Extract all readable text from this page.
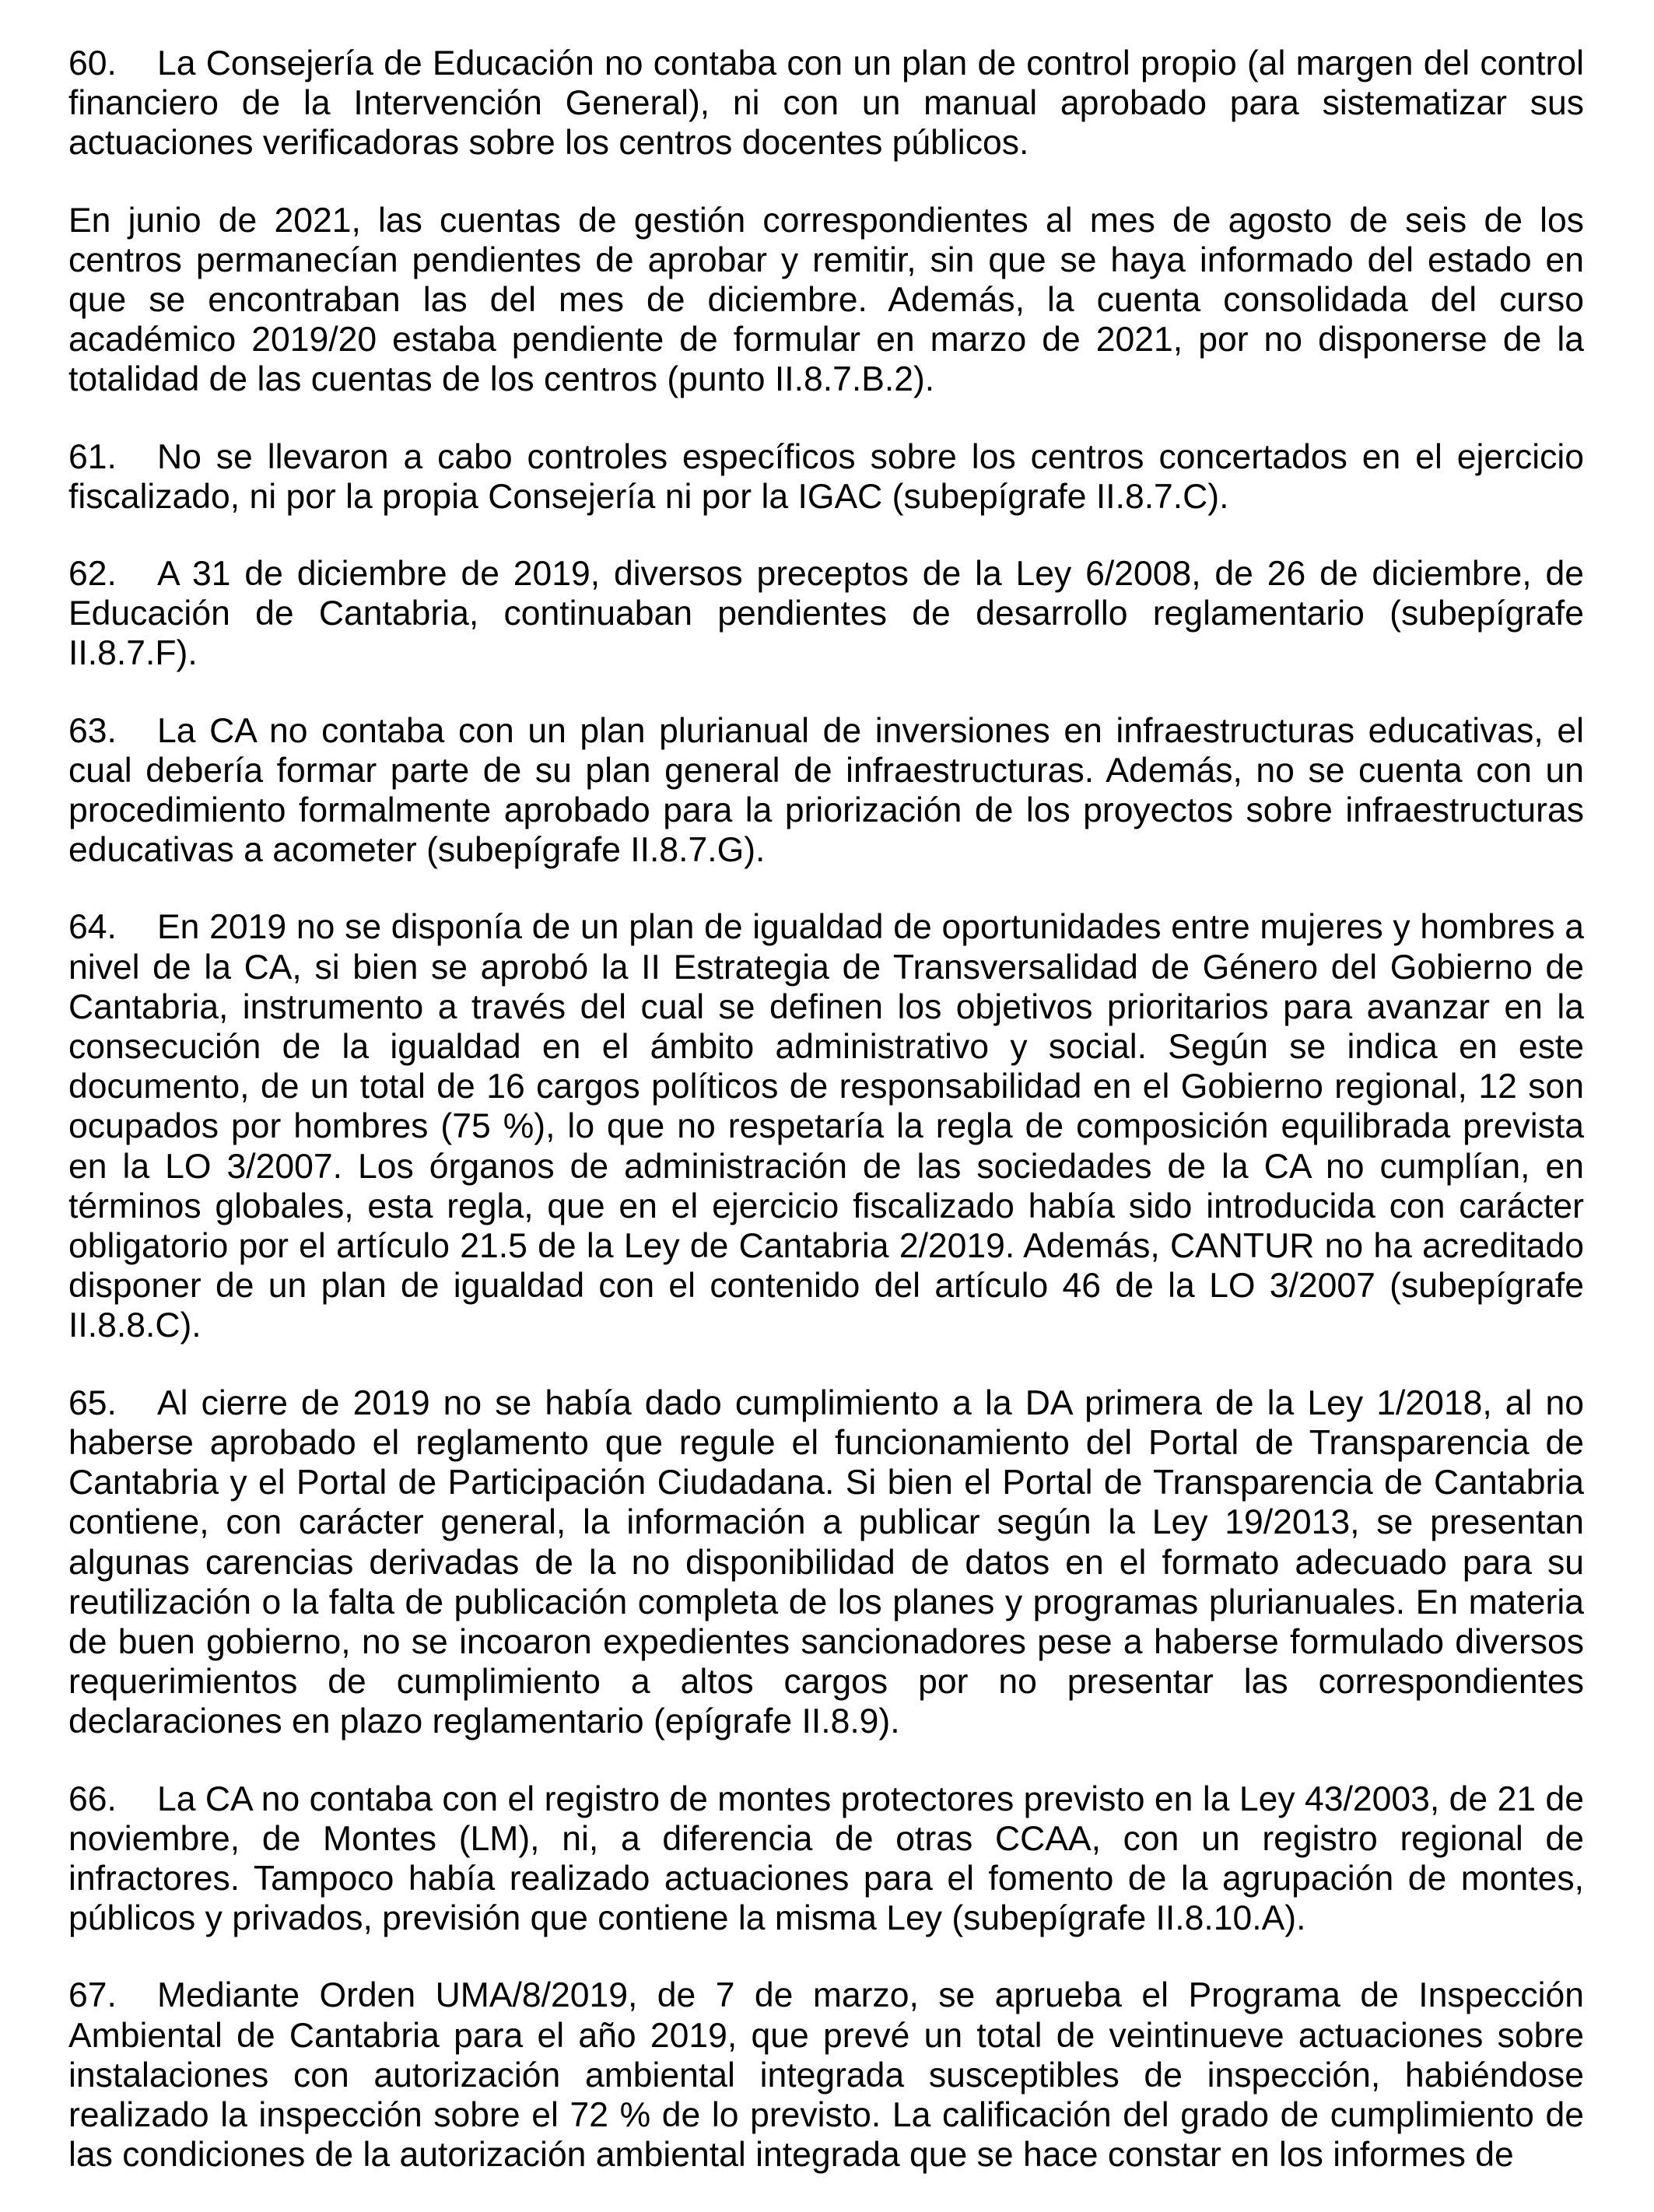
60. La Consejería de Educación no contaba con un plan de control propio (al margen del control financiero de la Intervención General), ni con un manual aprobado para sistematizar sus actuaciones verificadoras sobre los centros docentes públicos.

En junio de 2021, las cuentas de gestión correspondientes al mes de agosto de seis de los centros permanecían pendientes de aprobar y remitir, sin que se haya informado del estado en que se encontraban las del mes de diciembre. Además, la cuenta consolidada del curso académico 2019/20 estaba pendiente de formular en marzo de 2021, por no disponerse de la totalidad de las cuentas de los centros (punto II.8.7.B.2).

61. No se llevaron a cabo controles específicos sobre los centros concertados en el ejercicio fiscalizado, ni por la propia Consejería ni por la IGAC (subepígrafe II.8.7.C).

62. A 31 de diciembre de 2019, diversos preceptos de la Ley 6/2008, de 26 de diciembre, de Educación de Cantabria, continuaban pendientes de desarrollo reglamentario (subepígrafe II.8.7.F).

63. La CA no contaba con un plan plurianual de inversiones en infraestructuras educativas, el cual debería formar parte de su plan general de infraestructuras. Además, no se cuenta con un procedimiento formalmente aprobado para la priorización de los proyectos sobre infraestructuras educativas a acometer (subepígrafe II.8.7.G).

64. En 2019 no se disponía de un plan de igualdad de oportunidades entre mujeres y hombres a nivel de la CA, si bien se aprobó la II Estrategia de Transversalidad de Género del Gobierno de Cantabria, instrumento a través del cual se definen los objetivos prioritarios para avanzar en la consecución de la igualdad en el ámbito administrativo y social. Según se indica en este documento, de un total de 16 cargos políticos de responsabilidad en el Gobierno regional, 12 son ocupados por hombres (75 %), lo que no respetaría la regla de composición equilibrada prevista en la LO 3/2007. Los órganos de administración de las sociedades de la CA no cumplían, en términos globales, esta regla, que en el ejercicio fiscalizado había sido introducida con carácter obligatorio por el artículo 21.5 de la Ley de Cantabria 2/2019. Además, CANTUR no ha acreditado disponer de un plan de igualdad con el contenido del artículo 46 de la LO 3/2007 (subepígrafe II.8.8.C).

65. Al cierre de 2019 no se había dado cumplimiento a la DA primera de la Ley 1/2018, al no haberse aprobado el reglamento que regule el funcionamiento del Portal de Transparencia de Cantabria y el Portal de Participación Ciudadana. Si bien el Portal de Transparencia de Cantabria contiene, con carácter general, la información a publicar según la Ley 19/2013, se presentan algunas carencias derivadas de la no disponibilidad de datos en el formato adecuado para su reutilización o la falta de publicación completa de los planes y programas plurianuales. En materia de buen gobierno, no se incoaron expedientes sancionadores pese a haberse formulado diversos requerimientos de cumplimiento a altos cargos por no presentar las correspondientes declaraciones en plazo reglamentario (epígrafe II.8.9).

66. La CA no contaba con el registro de montes protectores previsto en la Ley 43/2003, de 21 de noviembre, de Montes (LM), ni, a diferencia de otras CCAA, con un registro regional de infractores. Tampoco había realizado actuaciones para el fomento de la agrupación de montes, públicos y privados, previsión que contiene la misma Ley (subepígrafe II.8.10.A).

67. Mediante Orden UMA/8/2019, de 7 de marzo, se aprueba el Programa de Inspección Ambiental de Cantabria para el año 2019, que prevé un total de veintinueve actuaciones sobre instalaciones con autorización ambiental integrada susceptibles de inspección, habiéndose realizado la inspección sobre el 72 % de lo previsto. La calificación del grado de cumplimiento de las condiciones de la autorización ambiental integrada que se hace constar en los informes de
